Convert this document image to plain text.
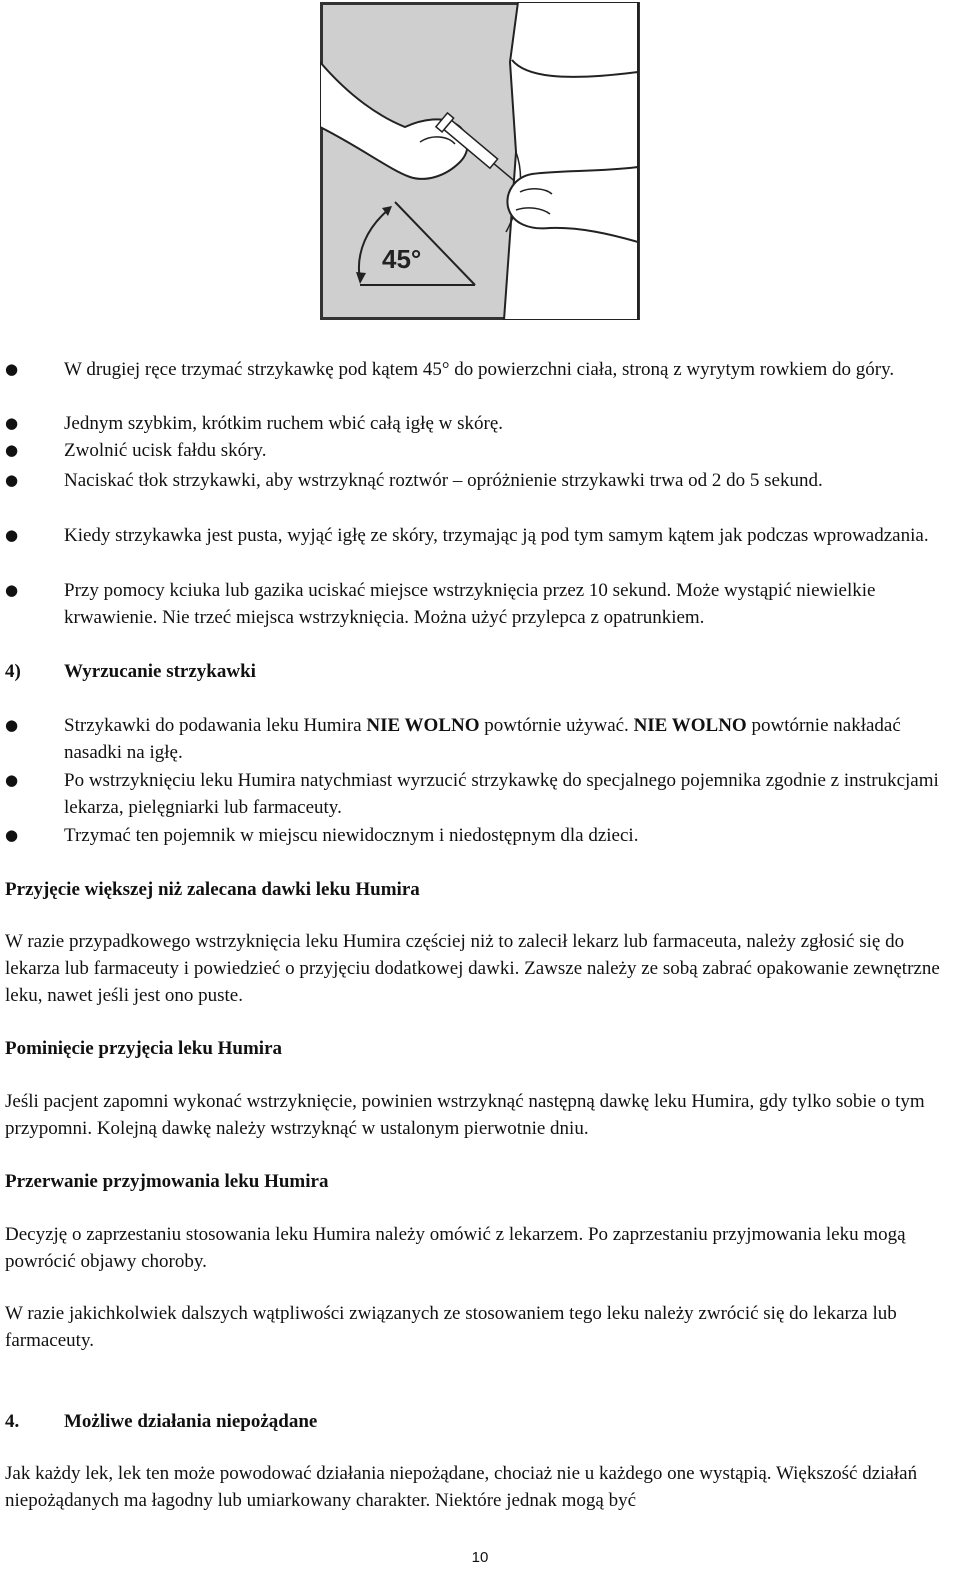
45°
● W drugiej ręce trzymać strzykawkę pod kątem 45° do powierzchni ciała, stroną z wyrytym rowkiem do góry.
● Jednym szybkim, krótkim ruchem wbić całą igłę w skórę.
● Zwolnić ucisk fałdu skóry.
● Naciskać tłok strzykawki, aby wstrzyknąć roztwór – opróżnienie strzykawki trwa od 2 do 5 sekund.
● Kiedy strzykawka jest pusta, wyjąć igłę ze skóry, trzymając ją pod tym samym kątem jak podczas wprowadzania.
● Przy pomocy kciuka lub gazika uciskać miejsce wstrzyknięcia przez 10 sekund. Może wystąpić niewielkie krwawienie. Nie trzeć miejsca wstrzyknięcia. Można użyć przylepca z opatrunkiem.
4) Wyrzucanie strzykawki
● Strzykawki do podawania leku Humira NIE WOLNO powtórnie używać. NIE WOLNO powtórnie nakładać nasadki na igłę.
● Po wstrzyknięciu leku Humira natychmiast wyrzucić strzykawkę do specjalnego pojemnika zgodnie z instrukcjami lekarza, pielęgniarki lub farmaceuty.
● Trzymać ten pojemnik w miejscu niewidocznym i niedostępnym dla dzieci.
Przyjęcie większej niż zalecana dawki leku Humira

W razie przypadkowego wstrzyknięcia leku Humira częściej niż to zalecił lekarz lub farmaceuta, należy zgłosić się do lekarza lub farmaceuty i powiedzieć o przyjęciu dodatkowej dawki. Zawsze należy ze sobą zabrać opakowanie zewnętrzne leku, nawet jeśli jest ono puste.

Pominięcie przyjęcia leku Humira

Jeśli pacjent zapomni wykonać wstrzyknięcie, powinien wstrzyknąć następną dawkę leku Humira, gdy tylko sobie o tym przypomni. Kolejną dawkę należy wstrzyknąć w ustalonym pierwotnie dniu.

Przerwanie przyjmowania leku Humira

Decyzję o zaprzestaniu stosowania leku Humira należy omówić z lekarzem. Po zaprzestaniu przyjmowania leku mogą powrócić objawy choroby.

W razie jakichkolwiek dalszych wątpliwości związanych ze stosowaniem tego leku należy zwrócić się do lekarza lub farmaceuty.

4. Możliwe działania niepożądane

Jak każdy lek, lek ten może powodować działania niepożądane, chociaż nie u każdego one wystąpią. Większość działań niepożądanych ma łagodny lub umiarkowany charakter. Niektóre jednak mogą być

10
